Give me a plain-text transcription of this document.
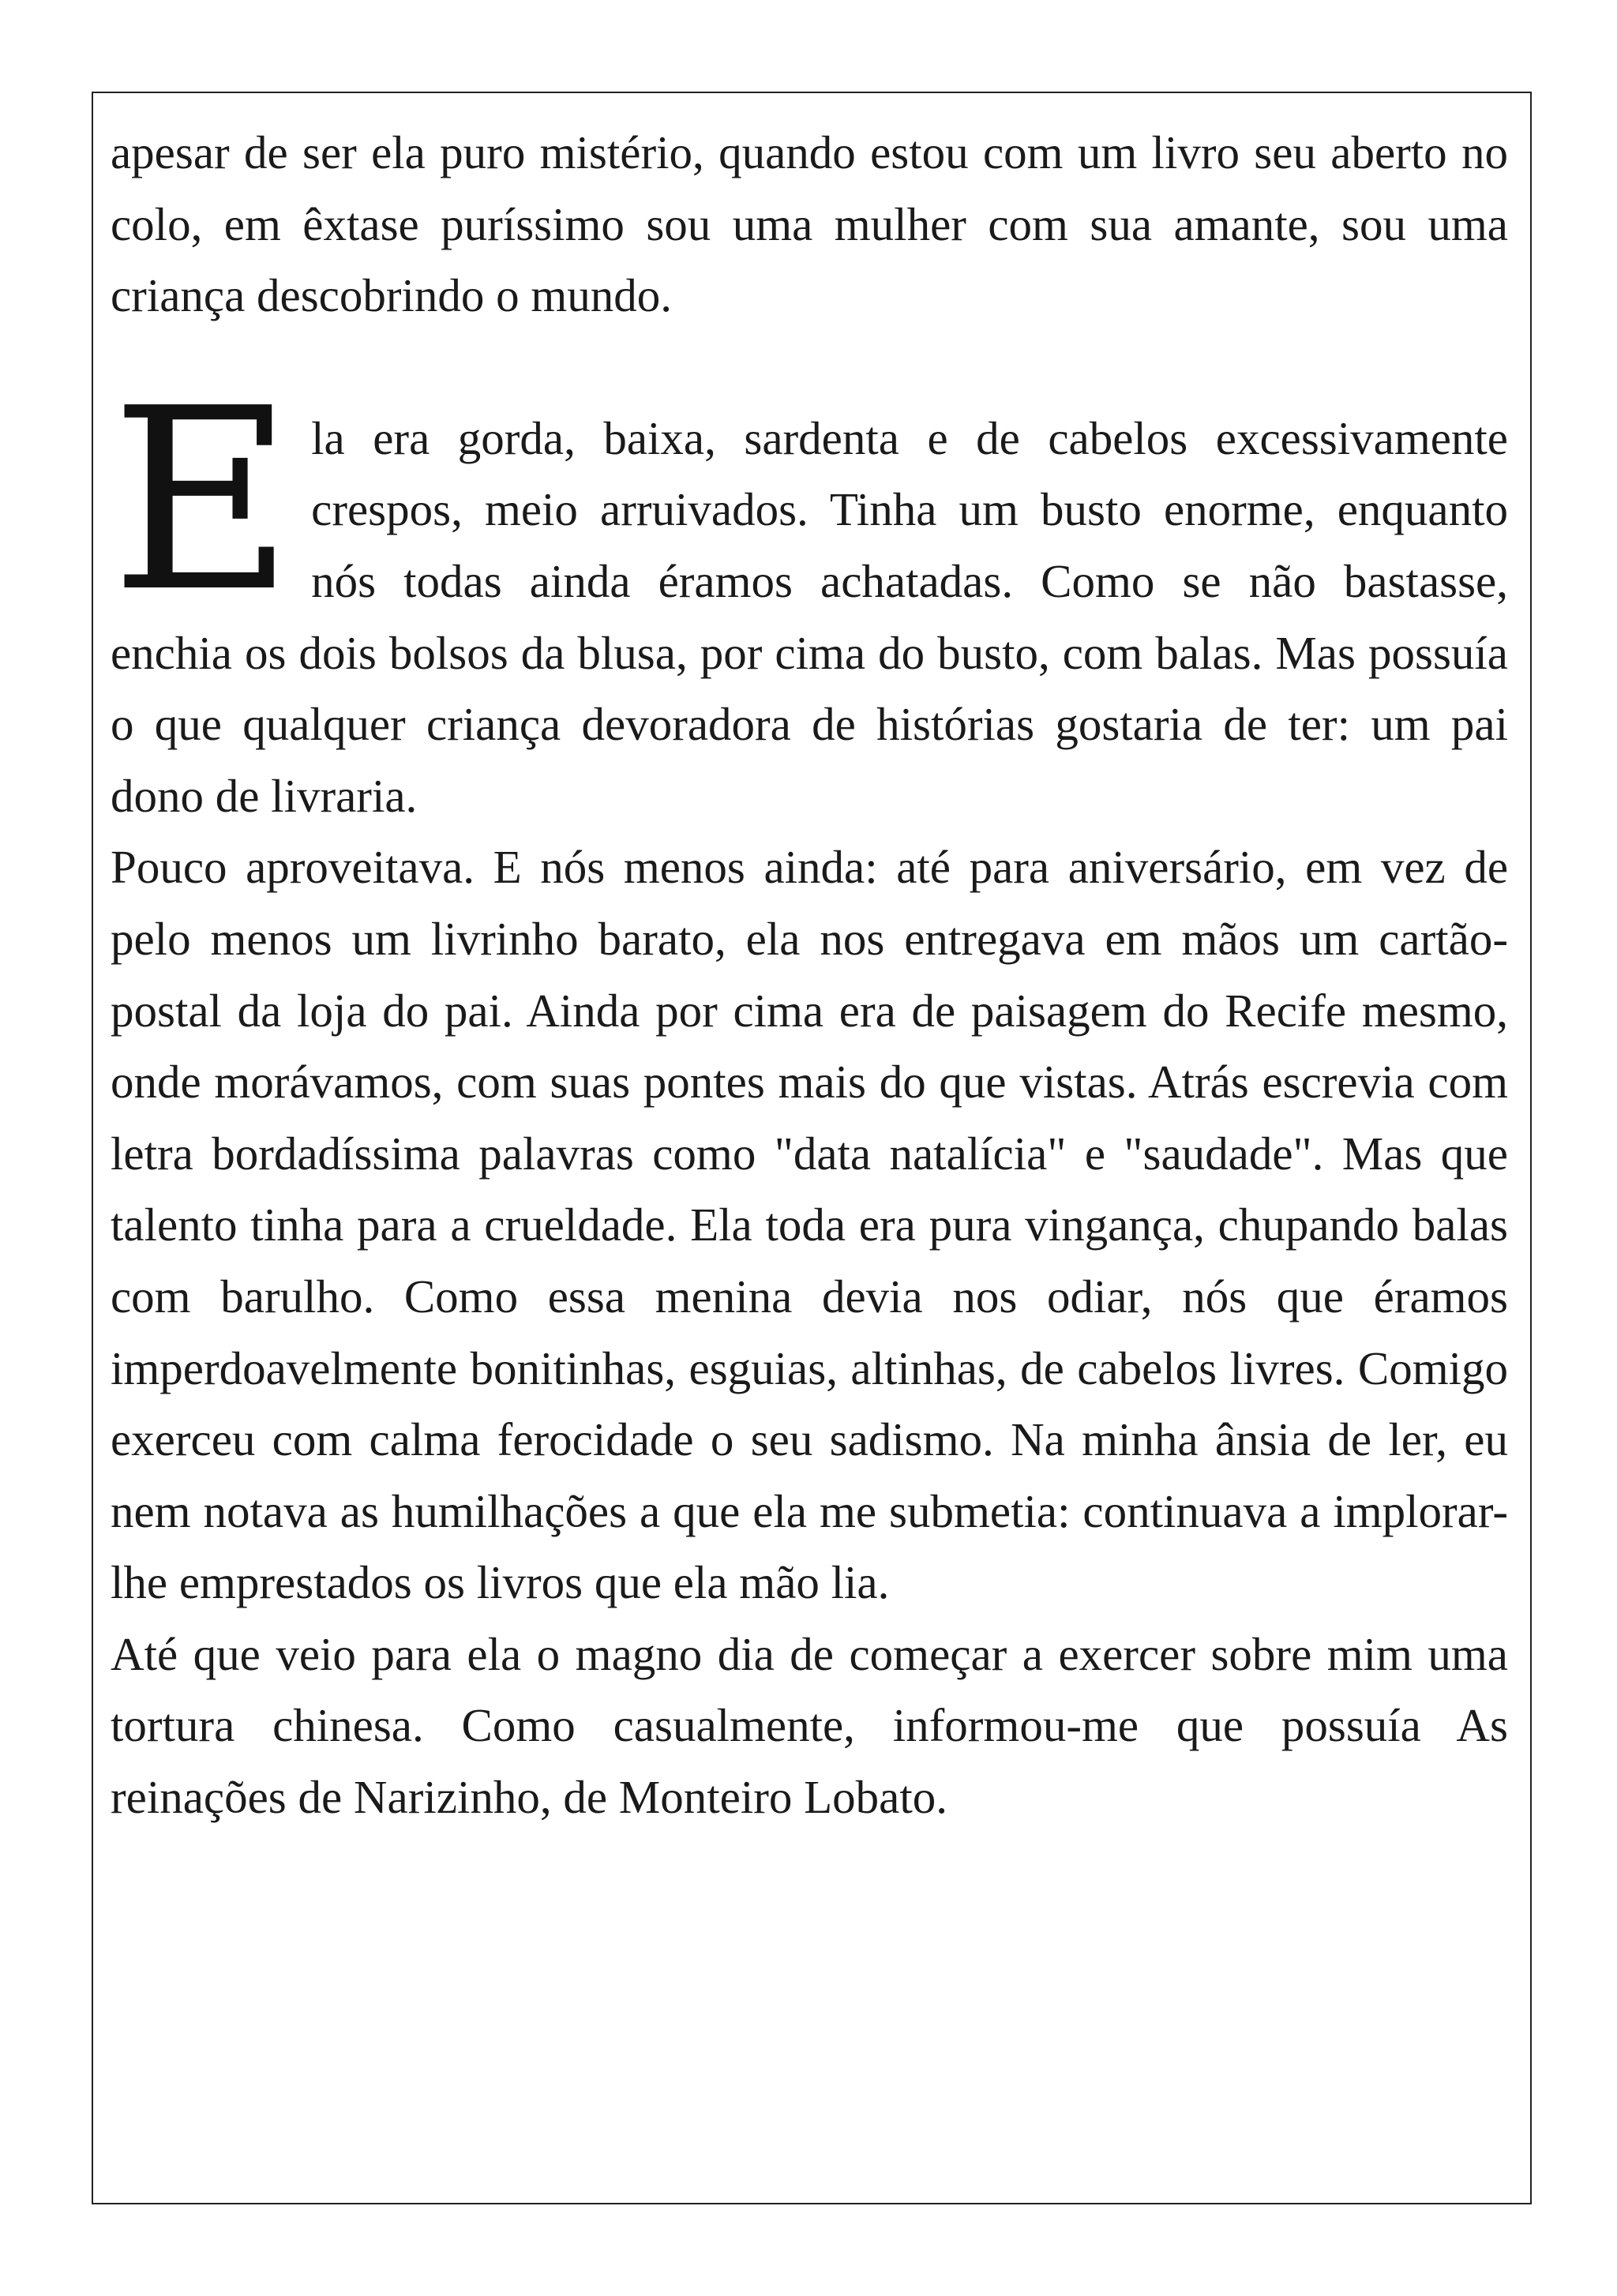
apesar de ser ela puro mistério, quando estou com um livro seu aberto no colo, em êxtase puríssimo sou uma mulher com sua amante, sou uma criança descobrindo o mundo.

E la era gorda, baixa, sardenta e de cabelos excessivamente crespos, meio arruivados. Tinha um busto enorme, enquanto nós todas ainda éramos achatadas. Como se não bastasse, enchia os dois bolsos da blusa, por cima do busto, com balas. Mas possuía o que qualquer criança devoradora de histórias gostaria de ter: um pai dono de livraria.

Pouco aproveitava. E nós menos ainda: até para aniversário, em vez de pelo menos um livrinho barato, ela nos entregava em mãos um cartão-postal da loja do pai. Ainda por cima era de paisagem do Recife mesmo, onde morávamos, com suas pontes mais do que vistas. Atrás escrevia com letra bordadíssima palavras como "data natalícia" e "saudade". Mas que talento tinha para a crueldade. Ela toda era pura vingança, chupando balas com barulho. Como essa menina devia nos odiar, nós que éramos imperdoavelmente bonitinhas, esguias, altinhas, de cabelos livres. Comigo exerceu com calma ferocidade o seu sadismo. Na minha ânsia de ler, eu nem notava as humilhações a que ela me submetia: continuava a implorar-lhe emprestados os livros que ela mão lia.

Até que veio para ela o magno dia de começar a exercer sobre mim uma tortura chinesa. Como casualmente, informou-me que possuía As reinações de Narizinho, de Monteiro Lobato.
